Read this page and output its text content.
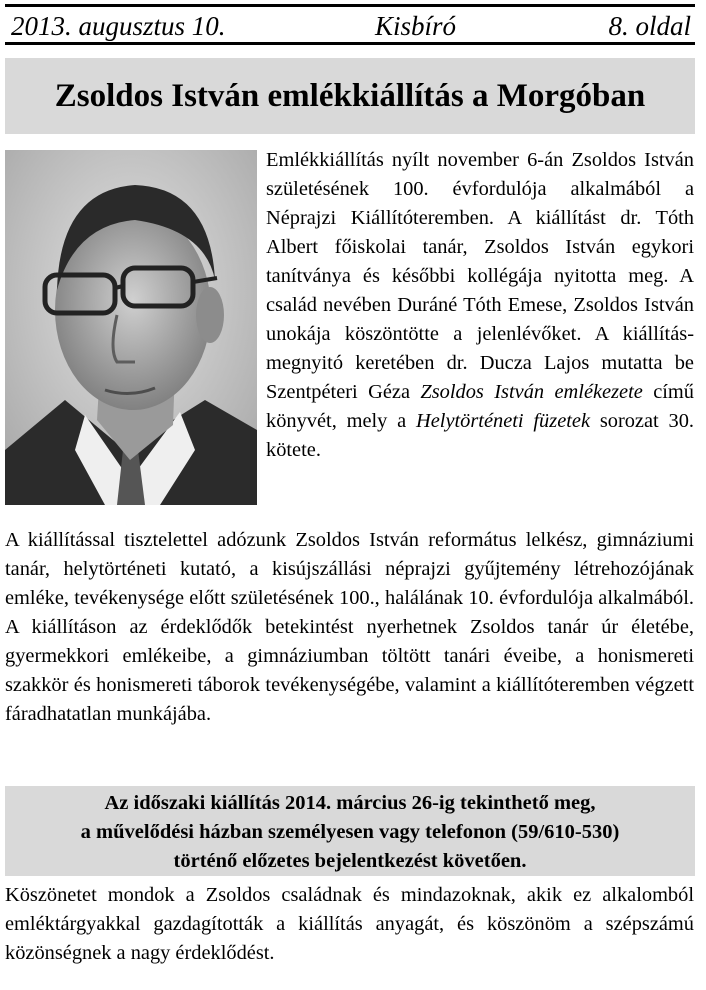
2013. augusztus 10.	Kisbíró	8. oldal
Zsoldos István emlékkiállítás a Morgóban
Emlékkiállítás nyílt november 6-án Zsoldos István születésének 100. évfordulója alkalmából a Néprajzi Kiállítóteremben. A kiállítást dr. Tóth Albert főiskolai tanár, Zsoldos István egykori tanítványa és későbbi kollégája nyitotta meg. A család nevében Duráné Tóth Emese, Zsoldos István unokája köszöntötte a jelenlévőket. A kiállítás-megnyitó keretében dr. Ducza Lajos mutatta be Szentpéteri Géza Zsoldos István emlékezete című könyvét, mely a Helytörténeti füzetek sorozat 30. kötete.
A kiállítással tisztelettel adózunk Zsoldos István református lelkész, gimnáziumi tanár, helytörténeti kutató, a kisújszállási néprajzi gyűjtemény létrehozójának emléke, tevékenysége előtt születésének 100., halálának 10. évfordulója alkalmából. A kiállításon az érdeklődők betekintést nyerhetnek Zsoldos tanár úr életébe, gyermekkori emlékeibe, a gimnáziumban töltött tanári éveibe, a honismereti szakkör és honismereti táborok tevékenységébe, valamint a kiállítóteremben végzett fáradhatatlan munkájába.
Az időszaki kiállítás 2014. március 26-ig tekinthető meg,
a művelődési házban személyesen vagy telefonon (59/610-530)
történő előzetes bejelentkezést követően.
Köszönetet mondok a Zsoldos családnak és mindazoknak, akik ez alkalomból emléktárgyakkal gazdagították a kiállítás anyagát, és köszönöm a szépszámú közönségnek a nagy érdeklődést.
